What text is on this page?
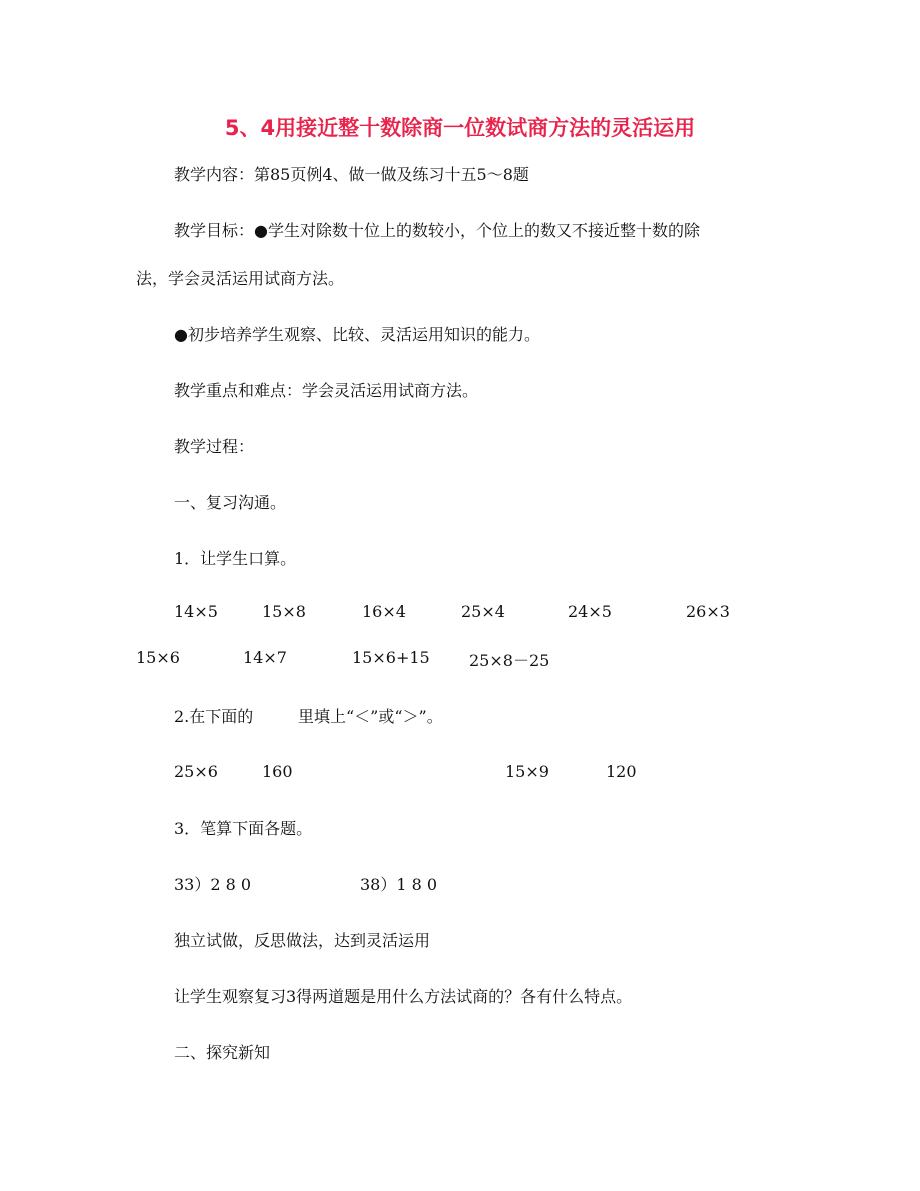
5、4用接近整十数除商一位数试商方法的灵活运用
教学内容：第85页例4、做一做及练习十五5～8题
教学目标：●学生对除数十位上的数较小，个位上的数又不接近整十数的除
法，学会灵活运用试商方法。
●初步培养学生观察、比较、灵活运用知识的能力。
教学重点和难点：学会灵活运用试商方法。
教学过程：
一、复习沟通。
1．让学生口算。
14×5	15×8	16×4	25×4	24×5	26×3
15×6	14×7	15×6+15 25×8－25
2.在下面的	里填上“＜”或“＞”。
25×6	160	15×9	120
3．笔算下面各题。
33）2 8 0	38）1 8 0
独立试做，反思做法，达到灵活运用
让学生观察复习3得两道题是用什么方法试商的？各有什么特点。
二、探究新知
